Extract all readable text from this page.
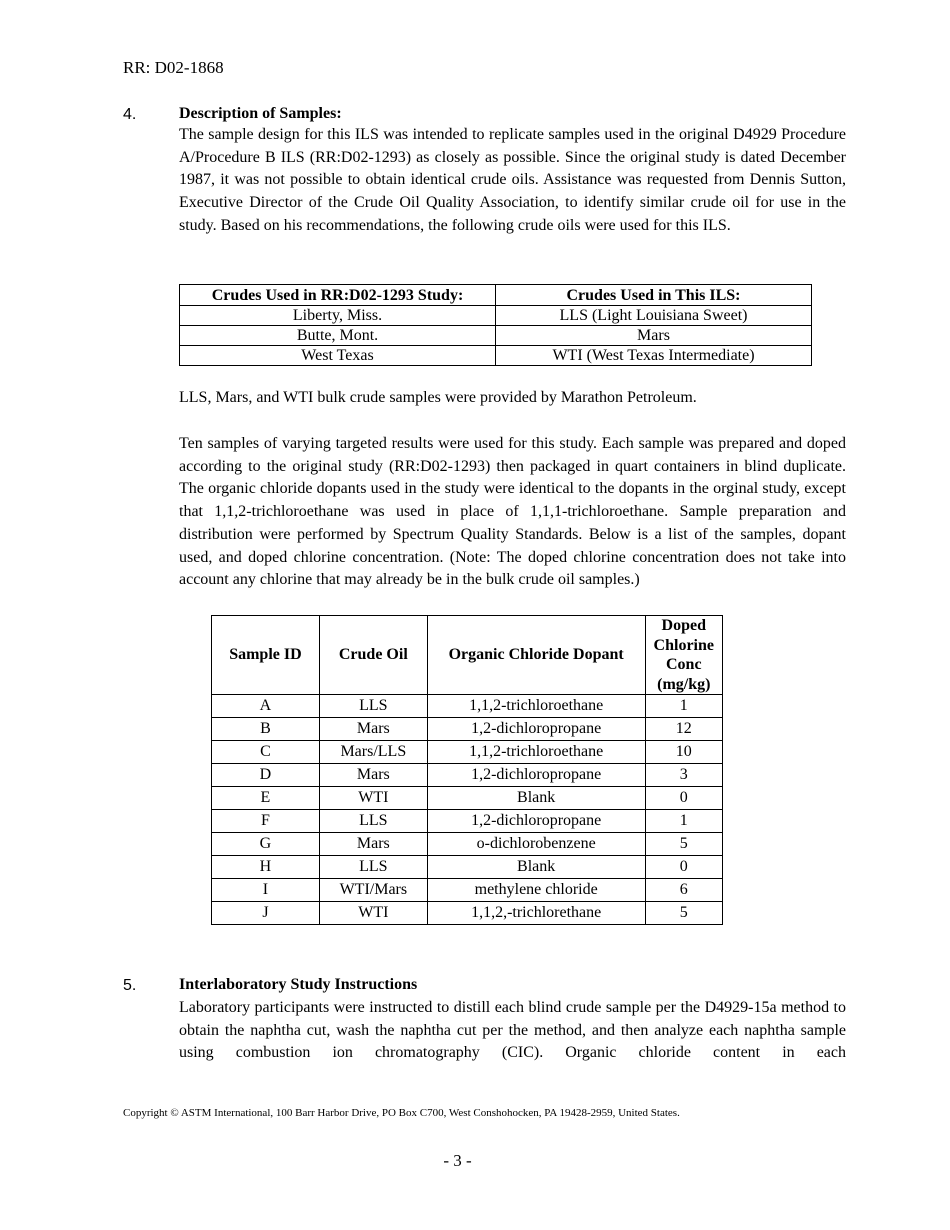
RR: D02-1868
4.	Description of Samples:
The sample design for this ILS was intended to replicate samples used in the original D4929 Procedure A/Procedure B ILS (RR:D02-1293) as closely as possible. Since the original study is dated December 1987, it was not possible to obtain identical crude oils. Assistance was requested from Dennis Sutton, Executive Director of the Crude Oil Quality Association, to identify similar crude oil for use in the study. Based on his recommendations, the following crude oils were used for this ILS.
Crudes Used in RR:D02-1293 Study:	Crudes Used in This ILS:
Liberty, Miss.	LLS (Light Louisiana Sweet)
Butte, Mont.	Mars
West Texas	WTI (West Texas Intermediate)
LLS, Mars, and WTI bulk crude samples were provided by Marathon Petroleum.
Ten samples of varying targeted results were used for this study. Each sample was prepared and doped according to the original study (RR:D02-1293) then packaged in quart containers in blind duplicate. The organic chloride dopants used in the study were identical to the dopants in the orginal study, except that 1,1,2-trichloroethane was used in place of 1,1,1-trichloroethane. Sample preparation and distribution were performed by Spectrum Quality Standards. Below is a list of the samples, dopant used, and doped chlorine concentration. (Note: The doped chlorine concentration does not take into account any chlorine that may already be in the bulk crude oil samples.)
Sample ID	Crude Oil	Organic Chloride Dopant	Doped Chlorine Conc (mg/kg)
A	LLS	1,1,2-trichloroethane	1
B	Mars	1,2-dichloropropane	12
C	Mars/LLS	1,1,2-trichloroethane	10
D	Mars	1,2-dichloropropane	3
E	WTI	Blank	0
F	LLS	1,2-dichloropropane	1
G	Mars	o-dichlorobenzene	5
H	LLS	Blank	0
I	WTI/Mars	methylene chloride	6
J	WTI	1,1,2,-trichlorethane	5
5.	Interlaboratory Study Instructions
Laboratory participants were instructed to distill each blind crude sample per the D4929-15a method to obtain the naphtha cut, wash the naphtha cut per the method, and then analyze each naphtha sample using combustion ion chromatography (CIC). Organic chloride content in each
Copyright © ASTM International, 100 Barr Harbor Drive, PO Box C700, West Conshohocken, PA 19428-2959, United States.
- 3 -
